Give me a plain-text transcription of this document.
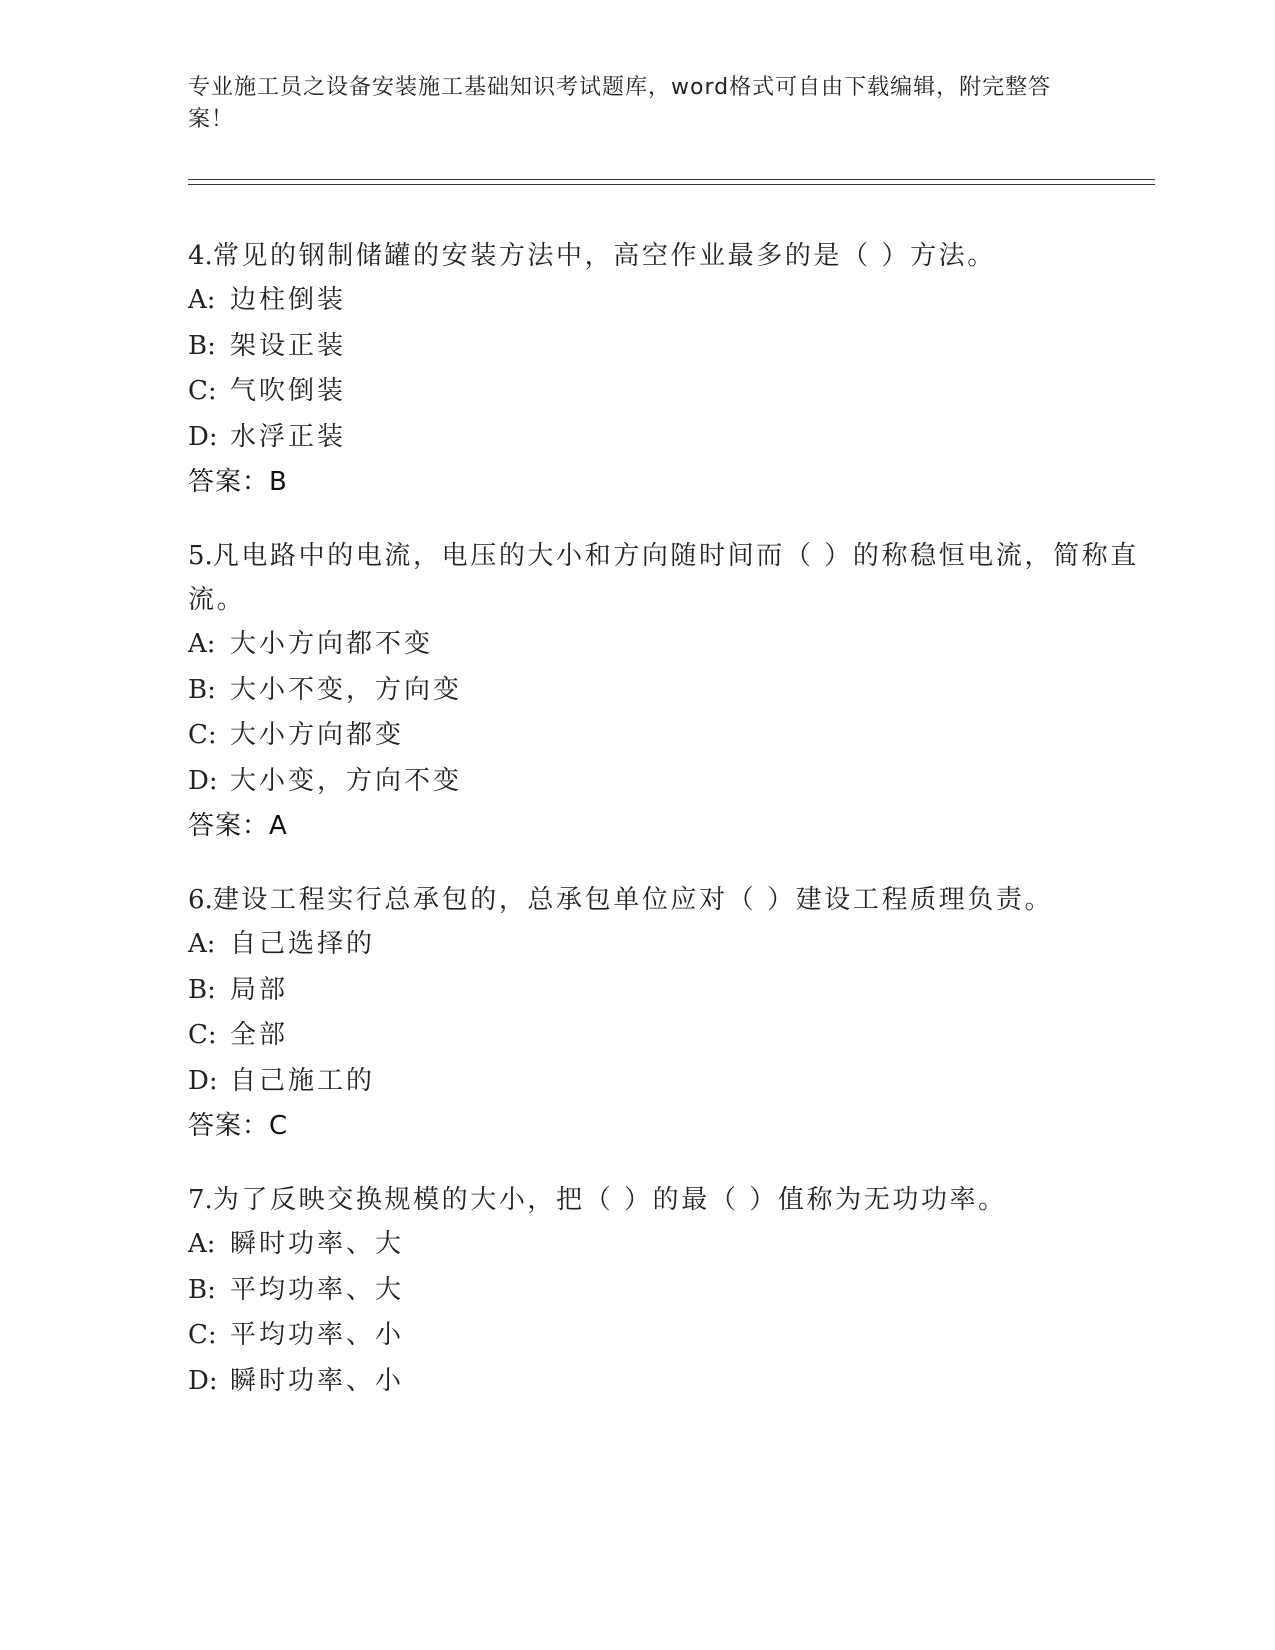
专业施工员之设备安装施工基础知识考试题库，word格式可自由下载编辑，附完整答案！

4.常见的钢制储罐的安装方法中，高空作业最多的是（ ）方法。

A: 边柱倒装

B: 架设正装

C: 气吹倒装

D: 水浮正装

答案：B

5.凡电路中的电流，电压的大小和方向随时间而（ ）的称稳恒电流，简称直流。

A: 大小方向都不变

B: 大小不变，方向变

C: 大小方向都变

D: 大小变，方向不变

答案：A

6.建设工程实行总承包的，总承包单位应对（ ）建设工程质理负责。

A: 自己选择的

B: 局部

C: 全部

D: 自己施工的

答案：C

7.为了反映交换规模的大小，把（ ）的最（ ）值称为无功功率。

A: 瞬时功率、大

B: 平均功率、大

C: 平均功率、小

D: 瞬时功率、小
